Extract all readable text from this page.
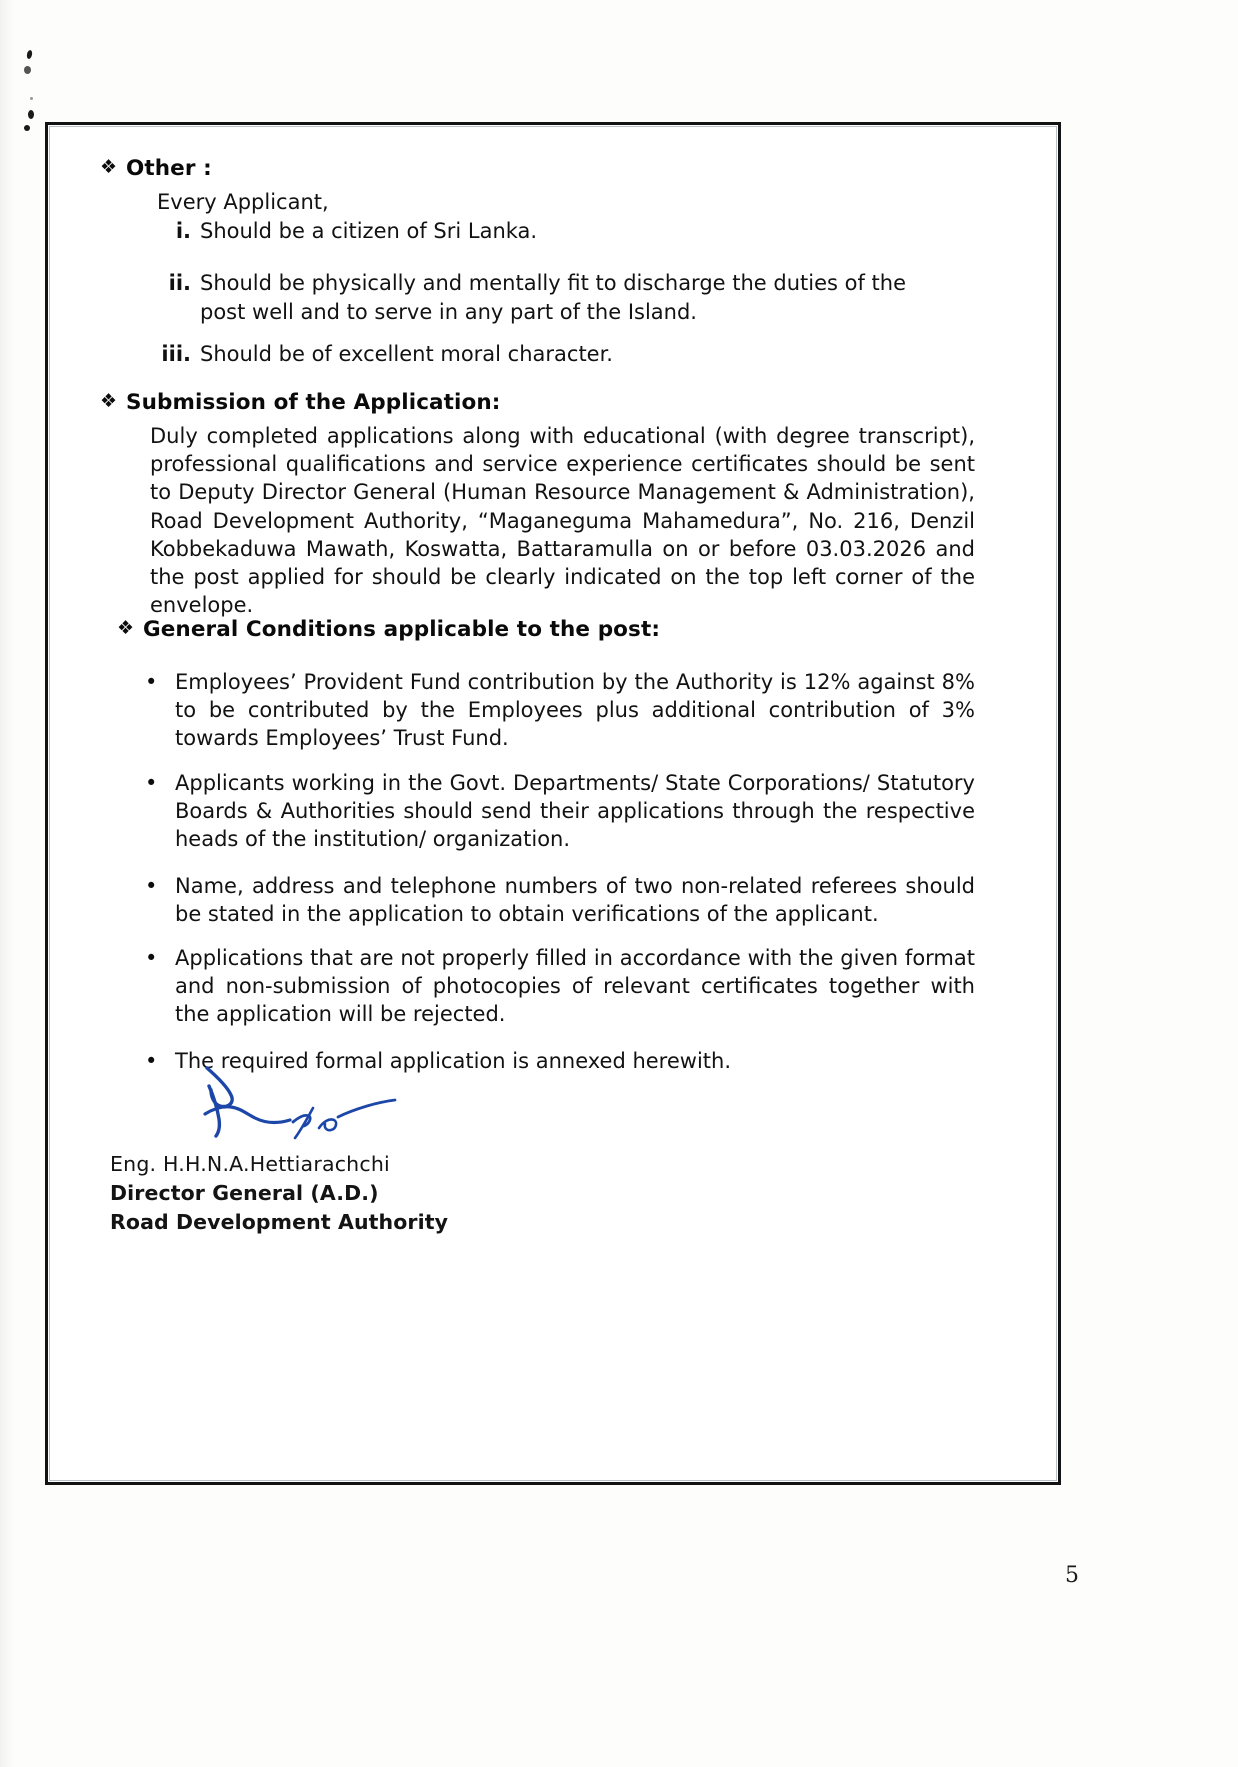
❖ Other :
Every Applicant,
i. Should be a citizen of Sri Lanka.
ii. Should be physically and mentally fit to discharge the duties of the post well and to serve in any part of the Island.
iii. Should be of excellent moral character.
❖ Submission of the Application:
Duly completed applications along with educational (with degree transcript), professional qualifications and service experience certificates should be sent to Deputy Director General (Human Resource Management & Administration), Road Development Authority, “Maganeguma Mahamedura”, No. 216, Denzil Kobbekaduwa Mawath, Koswatta, Battaramulla on or before 03.03.2026 and the post applied for should be clearly indicated on the top left corner of the envelope.
❖ General Conditions applicable to the post:
• Employees’ Provident Fund contribution by the Authority is 12% against 8% to be contributed by the Employees plus additional contribution of 3% towards Employees’ Trust Fund.
• Applicants working in the Govt. Departments/ State Corporations/ Statutory Boards & Authorities should send their applications through the respective heads of the institution/ organization.
• Name, address and telephone numbers of two non-related referees should be stated in the application to obtain verifications of the applicant.
• Applications that are not properly filled in accordance with the given format and non-submission of photocopies of relevant certificates together with the application will be rejected.
• The required formal application is annexed herewith.
Eng. H.H.N.A.Hettiarachchi
Director General (A.D.)
Road Development Authority
5
